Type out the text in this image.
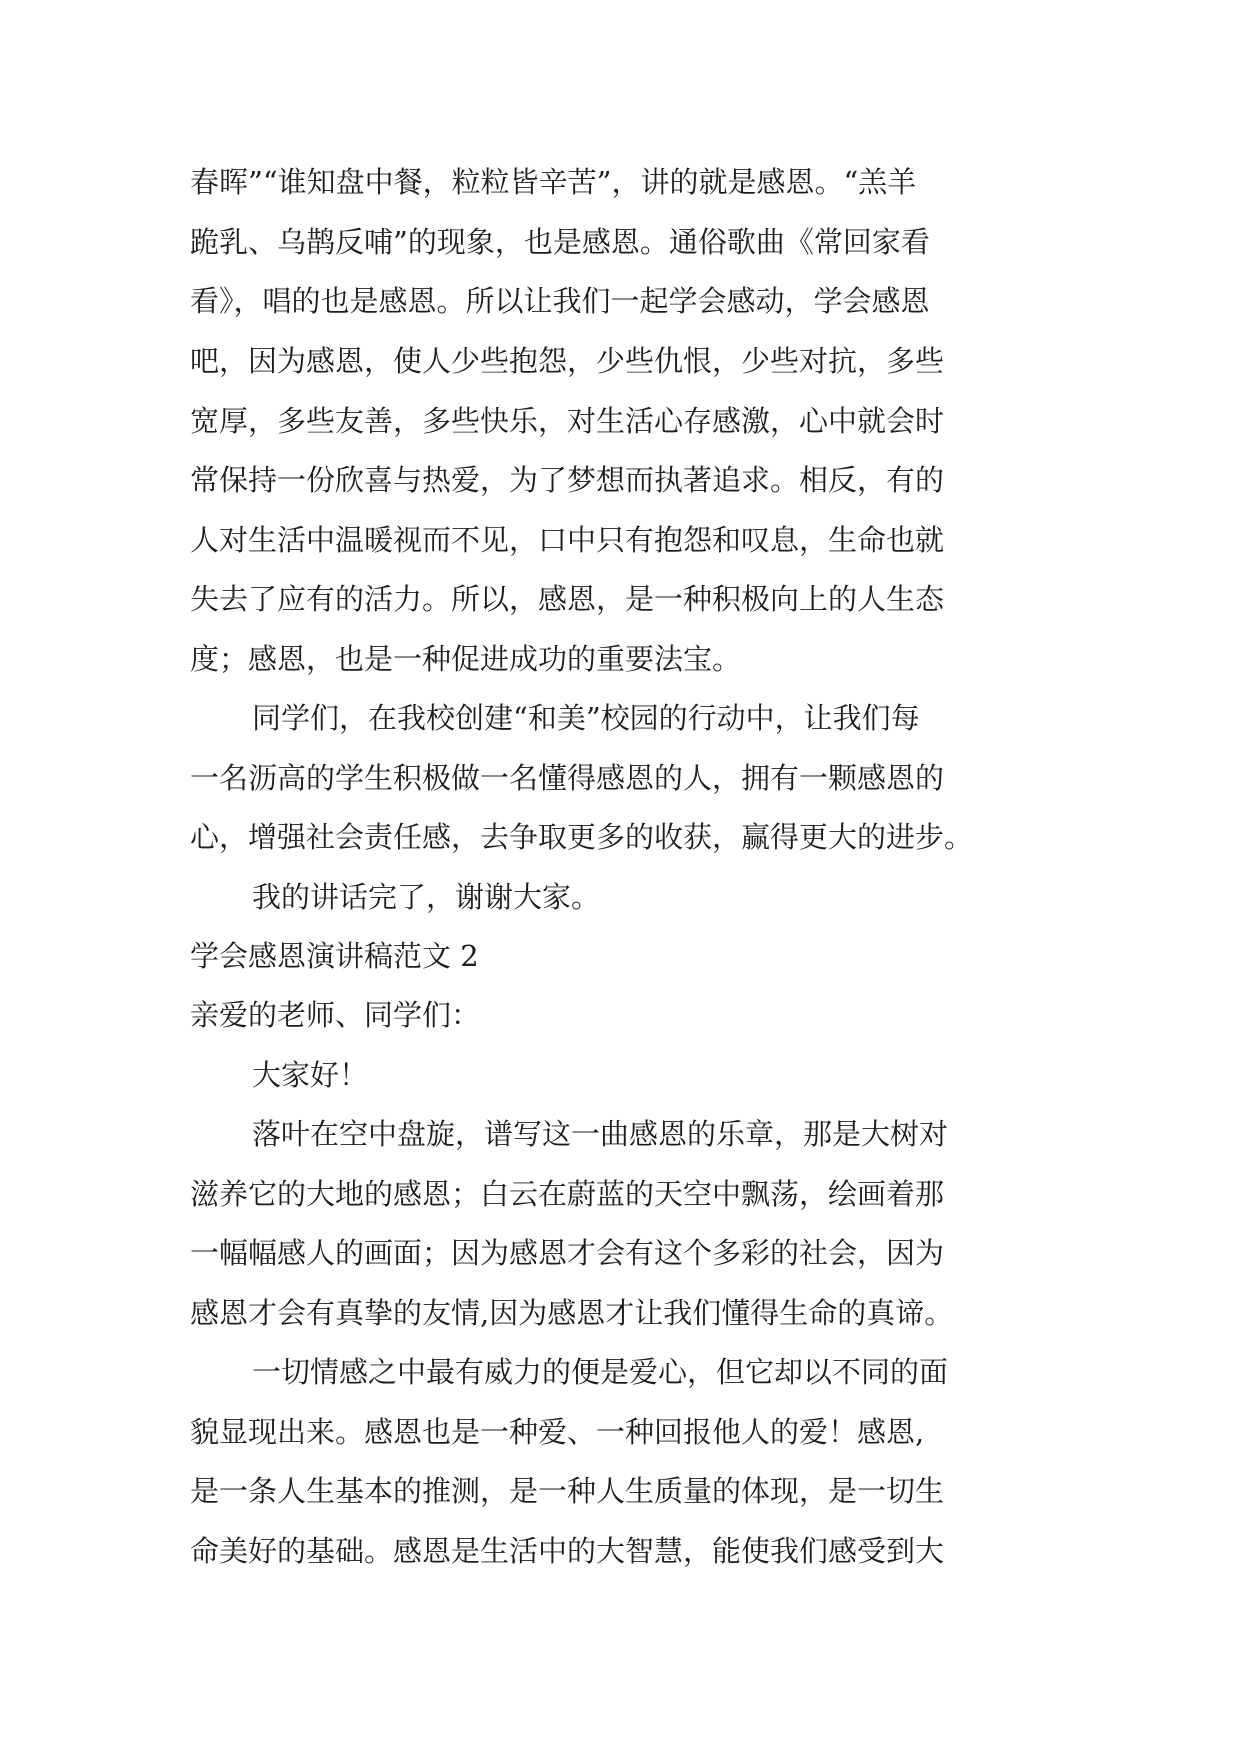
春晖”“谁知盘中餐，粒粒皆辛苦”，讲的就是感恩。“羔羊
跪乳、乌鹊反哺”的现象，也是感恩。通俗歌曲《常回家看
看》，唱的也是感恩。所以让我们一起学会感动，学会感恩
吧，因为感恩，使人少些抱怨，少些仇恨，少些对抗，多些
宽厚，多些友善，多些快乐，对生活心存感激，心中就会时
常保持一份欣喜与热爱，为了梦想而执著追求。相反，有的
人对生活中温暖视而不见，口中只有抱怨和叹息，生命也就
失去了应有的活力。所以，感恩，是一种积极向上的人生态
度；感恩，也是一种促进成功的重要法宝。
同学们，在我校创建“和美”校园的行动中，让我们每
一名沥高的学生积极做一名懂得感恩的人，拥有一颗感恩的
心，增强社会责任感，去争取更多的收获，赢得更大的进步。
我的讲话完了，谢谢大家。
学会感恩演讲稿范文 2
亲爱的老师、同学们：
大家好！
落叶在空中盘旋，谱写这一曲感恩的乐章，那是大树对
滋养它的大地的感恩；白云在蔚蓝的天空中飘荡，绘画着那
一幅幅感人的画面；因为感恩才会有这个多彩的社会，因为
感恩才会有真挚的友情,因为感恩才让我们懂得生命的真谛。
一切情感之中最有威力的便是爱心，但它却以不同的面
貌显现出来。感恩也是一种爱、一种回报他人的爱！感恩,
是一条人生基本的推测，是一种人生质量的体现，是一切生
命美好的基础。感恩是生活中的大智慧，能使我们感受到大
